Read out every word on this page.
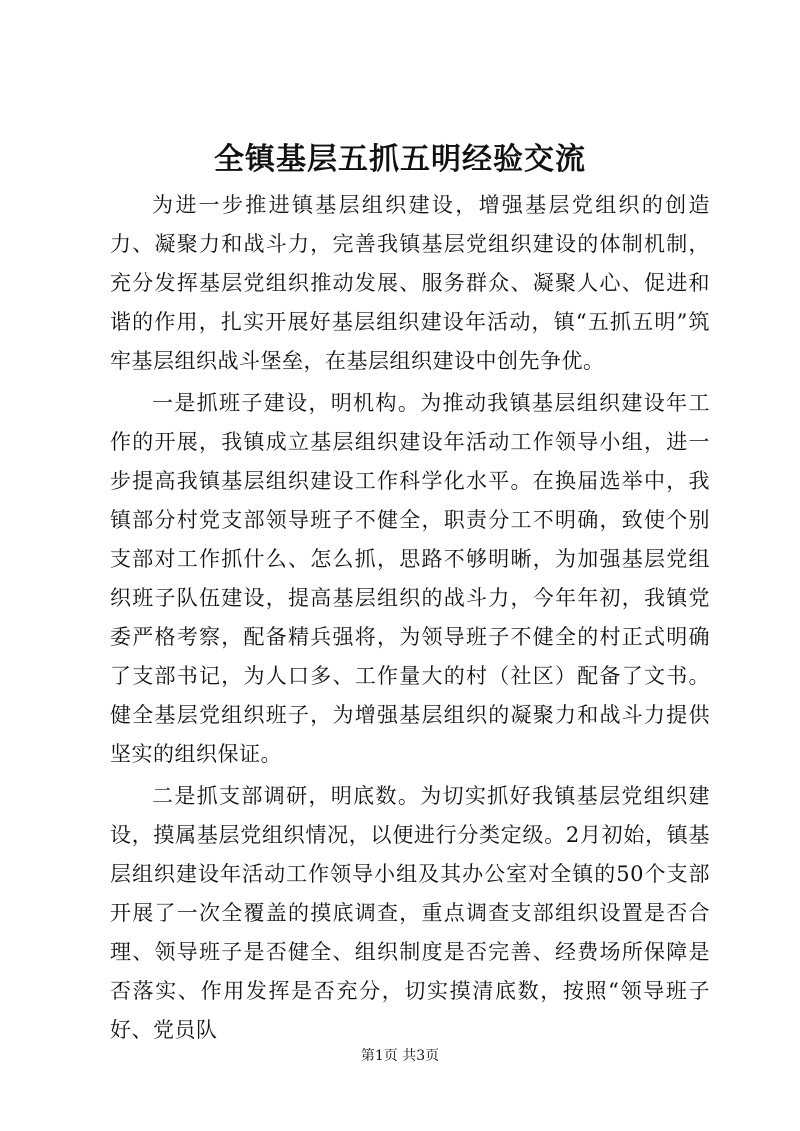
全镇基层五抓五明经验交流

为进一步推进镇基层组织建设，增强基层党组织的创造力、凝聚力和战斗力，完善我镇基层党组织建设的体制机制，充分发挥基层党组织推动发展、服务群众、凝聚人心、促进和谐的作用，扎实开展好基层组织建设年活动，镇“五抓五明”筑牢基层组织战斗堡垒，在基层组织建设中创先争优。

一是抓班子建设，明机构。为推动我镇基层组织建设年工作的开展，我镇成立基层组织建设年活动工作领导小组，进一步提高我镇基层组织建设工作科学化水平。在换届选举中，我镇部分村党支部领导班子不健全，职责分工不明确，致使个别支部对工作抓什么、怎么抓，思路不够明晰，为加强基层党组织班子队伍建设，提高基层组织的战斗力，今年年初，我镇党委严格考察，配备精兵强将，为领导班子不健全的村正式明确了支部书记，为人口多、工作量大的村（社区）配备了文书。健全基层党组织班子，为增强基层组织的凝聚力和战斗力提供坚实的组织保证。

二是抓支部调研，明底数。为切实抓好我镇基层党组织建设，摸属基层党组织情况，以便进行分类定级。2月初始，镇基层组织建设年活动工作领导小组及其办公室对全镇的50个支部开展了一次全覆盖的摸底调查，重点调查支部组织设置是否合理、领导班子是否健全、组织制度是否完善、经费场所保障是否落实、作用发挥是否充分，切实摸清底数，按照“领导班子好、党员队

第1页 共3页
